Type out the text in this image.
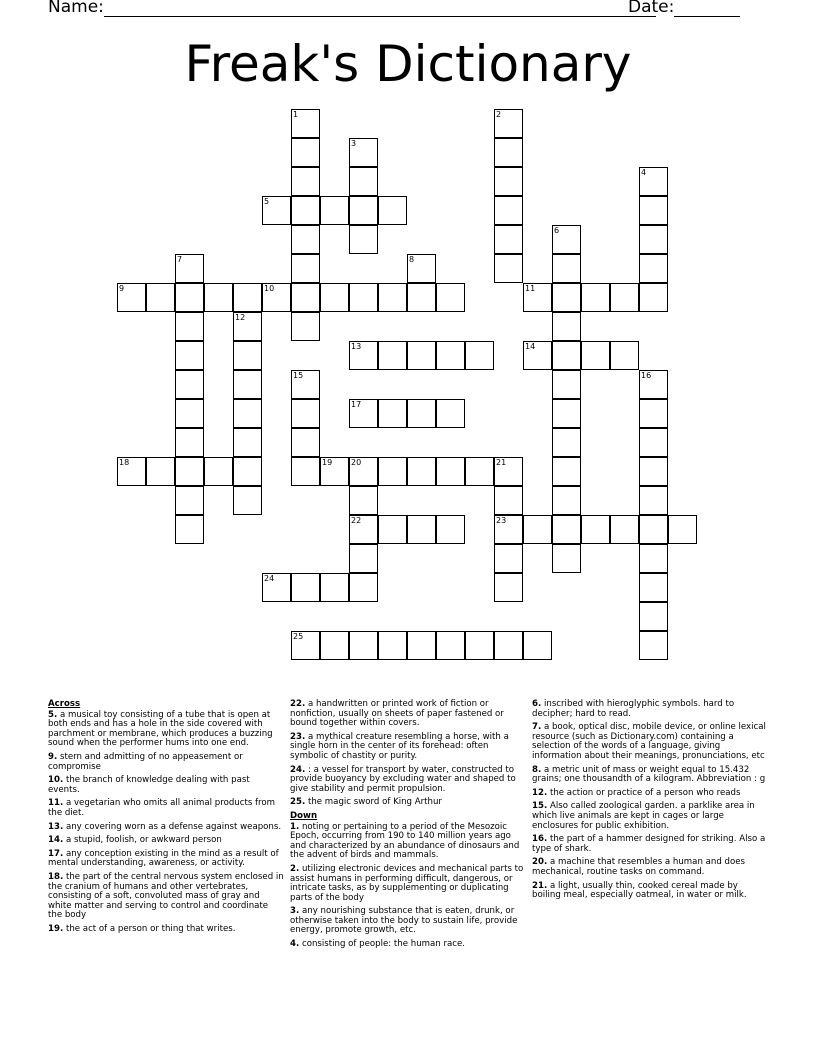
Name:	Date:
Freak's Dictionary
1	2
3
4
5
6
7	8
9	10	11
12
13	14
15	16
17
18	19 20	21
22	23
24
25
Across
5. a musical toy consisting of a tube that is open at both ends and has a hole in the side covered with parchment or membrane, which produces a buzzing sound when the performer hums into one end.
9. stern and admitting of no appeasement or compromise
10. the branch of knowledge dealing with past events.
11. a vegetarian who omits all animal products from the diet.
13. any covering worn as a defense against weapons.
14. a stupid, foolish, or awkward person
17. any conception existing in the mind as a result of mental understanding, awareness, or activity.
18. the part of the central nervous system enclosed in the cranium of humans and other vertebrates, consisting of a soft, convoluted mass of gray and white matter and serving to control and coordinate the body
19. the act of a person or thing that writes.
22. a handwritten or printed work of fiction or nonfiction, usually on sheets of paper fastened or bound together within covers.
23. a mythical creature resembling a horse, with a single horn in the center of its forehead: often symbolic of chastity or purity.
24. : a vessel for transport by water, constructed to provide buoyancy by excluding water and shaped to give stability and permit propulsion.
25. the magic sword of King Arthur
Down
1. noting or pertaining to a period of the Mesozoic Epoch, occurring from 190 to 140 million years ago and characterized by an abundance of dinosaurs and the advent of birds and mammals.
2. utilizing electronic devices and mechanical parts to assist humans in performing difficult, dangerous, or intricate tasks, as by supplementing or duplicating parts of the body
3. any nourishing substance that is eaten, drunk, or otherwise taken into the body to sustain life, provide energy, promote growth, etc.
4. consisting of people: the human race.
6. inscribed with hieroglyphic symbols. hard to decipher; hard to read.
7. a book, optical disc, mobile device, or online lexical resource (such as Dictionary.com) containing a selection of the words of a language, giving information about their meanings, pronunciations, etc
8. a metric unit of mass or weight equal to 15.432 grains; one thousandth of a kilogram. Abbreviation : g
12. the action or practice of a person who reads
15. Also called zoological garden. a parklike area in which live animals are kept in cages or large enclosures for public exhibition.
16. the part of a hammer designed for striking. Also a type of shark.
20. a machine that resembles a human and does mechanical, routine tasks on command.
21. a light, usually thin, cooked cereal made by boiling meal, especially oatmeal, in water or milk.
